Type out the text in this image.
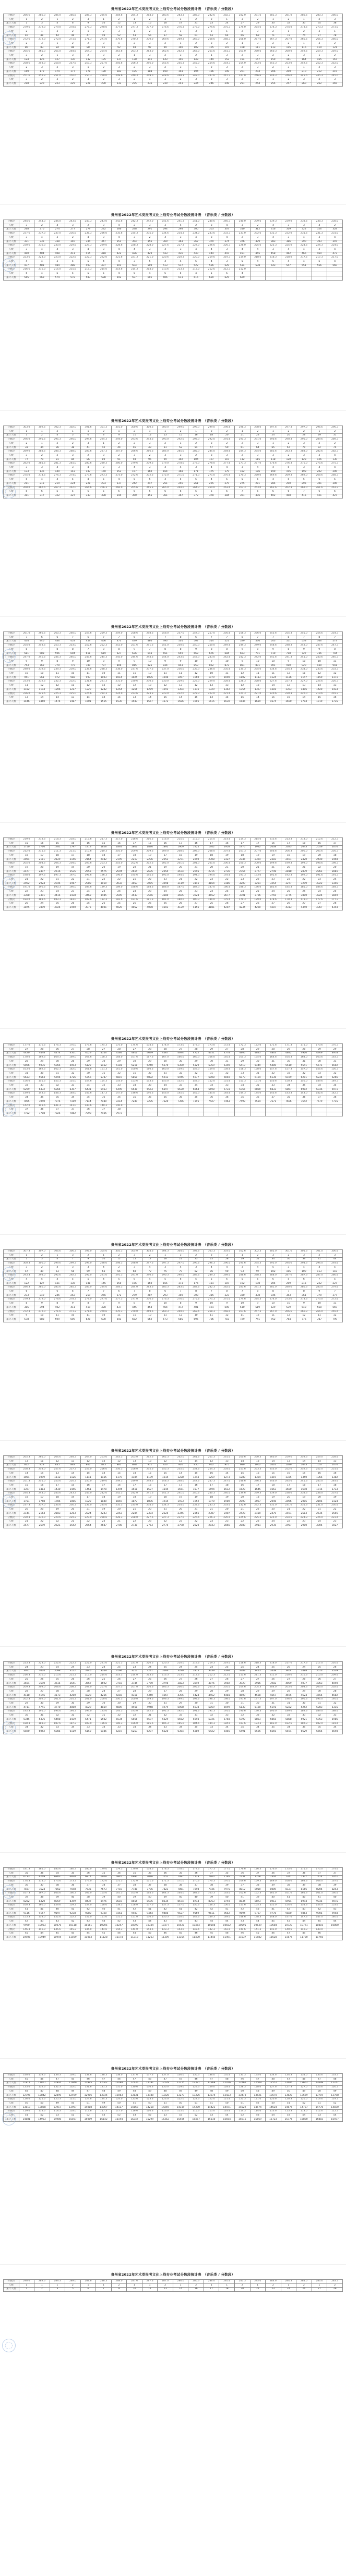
贵州省2022年艺术类报考文化上线专业考试分数段统计表　（音乐类 / 分数段）
分数段	286.6	286.3	286.0	285.6	285.3	285.0	284.6	284.3	284.0	283.6	283.3	283.0	282.6	282.3	282.0	281.6	281.3	281.0	280.6	280.3	280.0
人数	1	2	1	2	3	1	2	1	2	3	1	2	2	1	3	2	1	2	1	2	3
累计人数	1	3	4	6	9	10	12	13	15	18	19	21	23	24	27	29	30	32	33	35	38
分数段	279.6	279.3	279.0	278.6	278.3	278.0	277.6	277.3	277.0	276.6	276.3	276.0	275.6	275.3	275.0	274.6	274.3	274.0	273.6	273.3	273.0
人数	2	1	3	2	1	2	3	1	2	2	1	3	2	1	2	3	2	1	2	3	1
累计人数	40	41	44	46	47	49	52	53	55	57	58	61	63	64	66	69	71	72	74	77	78
分数段	272.6	272.3	272.0	271.6	271.3	271.0	270.6	270.3	270.0	269.6	269.3	269.0	268.6	268.3	268.0	267.6	267.3	267.0	266.6	266.3	266.0
人数	2	3	1	2	2	3	1	2	3	2	1	2	3	2	1	3	2	2	1	3	2
累计人数	80	83	84	86	88	91	92	94	97	99	100	102	105	107	108	111	113	115	116	119	121
分数段	265.6	265.3	265.0	264.6	264.3	264.0	263.6	263.3	263.0	262.6	262.3	262.0	261.6	261.3	261.0	260.6	260.3	260.0	259.6	259.3	259.0
人数	3	2	1	3	2	3	2	1	3	2	3	2	1	3	2	3	2	2	3	1	2
累计人数	124	126	127	130	132	135	137	138	141	143	146	148	149	152	154	157	159	161	164	165	167
分数段	258.6	258.3	258.0	257.6	257.3	257.0	256.6	256.3	256.0	255.6	255.3	255.0	254.6	254.3	254.0	253.6	253.3	253.0	252.6	252.3	252.0
人数	2	3	2	3	1	2	3	2	3	2	3	1	2	3	2	3	2	3	1	2	3
累计人数	169	172	174	177	178	180	183	185	188	190	193	194	196	199	201	204	206	209	210	212	215
分数段	251.6	251.3	251.0	250.6	250.3	250.0	249.6	249.3	249.0	248.6	248.3	248.0	247.6	247.3	247.0	246.6	246.3	246.0	245.6	245.3	245.0
人数	3	2	3	2	3	2	3	2	1	3	2	3	2	3	2	3	1	2	3	2	3
累计人数	218	220	223	225	228	230	233	235	236	239	241	244	246	249	251	254	255	257	260	262	265
贵州省2022年艺术类报考文化上线专业考试分数段统计表　（音乐类 / 分数段）
分数段	244.6	244.3	244.0	243.6	243.3	243.0	242.6	242.3	242.0	241.6	241.3	241.0	240.6	240.3	240.0	239.6	239.3	239.0	238.6	238.3	238.0
人数	3	2	4	3	2	3	4	2	3	3	4	2	3	4	3	2	4	3	3	4	2
累计人数	268	270	274	277	279	282	286	288	291	294	298	300	303	307	310	312	316	319	322	326	328
分数段	237.6	237.3	237.0	236.6	236.3	236.0	235.6	235.3	235.0	234.6	234.3	234.0	233.6	233.3	233.0	232.6	232.3	232.0	231.6	231.3	231.0
人数	3	4	3	2	4	3	4	3	2	4	3	4	3	4	2	3	4	3	4	3	4
累计人数	331	335	338	340	344	347	351	354	356	360	363	367	370	374	376	379	383	386	390	393	397
分数段	230.6	230.3	230.0	229.6	229.3	229.0	228.6	228.3	228.0	227.6	227.3	227.0	226.6	226.3	226.0	225.6	225.3	225.0	224.6	224.3	224.0
人数	3	4	4	3	4	3	4	4	3	4	3	4	4	3	4	4	3	4	4	3	4
累计人数	400	404	408	411	415	418	422	426	429	433	436	440	444	447	451	455	458	462	466	469	473
分数段	223.6	223.3	223.0	222.6	222.3	222.0	221.6	221.3	221.0	220.6	220.3	220.0	219.6	219.3	219.0	218.6	218.3	218.0	217.6	217.3	217.0
人数	4	4	3	4	5	4	4	3	5	4	4	5	4	3	5	4	5	4	4	5	4
累计人数	477	481	484	488	493	497	501	504	509	513	517	522	526	529	534	538	543	547	551	556	560
分数段	216.6	216.3	216.0	215.6	215.3	215.0	214.6	214.3	214.0	213.6	213.3	213.0	212.6	212.3	212.0						
人数	5	4	5	4	5	5	4	5	4	5	5	4	5	5	4						
累计人数	565	569	574	578	583	588	592	597	601	606	611	615	620	625	629						
贵州省2022年艺术类报考文化上线专业考试分数段统计表　（音乐类 / 分数段）
分数段	303.0	302.6	302.3	302.0	301.6	301.3	301.0	300.6	300.3	300.0	299.6	299.3	299.0	298.6	298.3	298.0	297.6	297.3	297.0	296.6	296.3
人数	1	1	2	1	1	2	1	2	1	1	2	1	2	2	1	2	1	2	2	1	2
累计人数	1	2	4	5	6	8	9	11	12	13	15	16	18	20	21	23	24	26	28	29	31
分数段	296.0	295.6	295.3	295.0	294.6	294.3	294.0	293.6	293.3	293.0	292.6	292.3	292.0	291.6	291.3	291.0	290.6	290.3	290.0	289.6	289.3
人数	2	1	2	2	3	1	2	2	3	2	1	2	3	2	2	3	1	2	3	2	2
累计人数	33	34	36	38	41	42	44	46	49	51	52	54	57	59	61	64	65	67	70	72	74
分数段	289.0	288.6	288.3	288.0	287.6	287.3	287.0	286.6	286.3	286.0	285.6	285.3	285.0	284.6	284.3	284.0	283.6	283.3	283.0	282.6	282.3
人数	3	2	2	3	2	3	2	3	2	3	3	2	3	3	2	3	3	2	3	3	4
累计人数	77	79	81	84	86	89	91	94	96	99	102	104	107	110	112	115	118	120	123	126	130
分数段	282.0	281.6	281.3	281.0	280.6	280.3	280.0	279.6	279.3	279.0	278.6	278.3	278.0	277.6	277.3	277.0	276.6	276.3	276.0	275.6	275.3
人数	3	3	4	3	4	3	3	4	3	4	4	3	4	4	3	4	4	5	3	4	4
累计人数	133	136	140	143	147	150	153	157	160	164	168	171	175	179	182	186	190	195	198	202	206
分数段	275.0	274.6	274.3	274.0	273.6	273.3	273.0	272.6	272.3	272.0	271.6	271.3	271.0	270.6	270.3	270.0	269.6	269.3	269.0	268.6	268.3
人数	5	4	4	5	4	5	4	5	5	4	5	5	4	5	5	6	4	5	5	6	5
累计人数	211	215	219	224	228	233	237	242	247	251	256	261	265	270	275	281	285	290	295	301	306
分数段	268.0	267.6	267.3	267.0	266.6	266.3	266.0	265.6	265.3	265.0	264.6	264.3	264.0	263.6	263.3	263.0	262.6	262.3	262.0	261.6	261.3
人数	5	6	5	5	6	5	6	6	5	6	6	5	6	6	7	5	6	6	7	6	6
累计人数	311	317	322	327	333	338	344	350	355	361	367	372	378	384	391	396	402	408	415	421	427
贵州省2022年艺术类报考文化上线专业考试分数段统计表　（音乐类 / 分数段）
分数段	261.0	260.6	260.3	260.0	259.6	259.3	259.0	258.6	258.3	258.0	257.6	257.3	257.0	256.6	256.3	256.0	255.6	255.3	255.0	254.6	254.3
人数	7	6	6	7	6	7	7	6	7	7	8	6	7	7	8	7	7	8	7	8	7
累计人数	434	440	446	453	459	466	473	479	486	493	501	507	514	521	529	536	543	551	558	566	573
分数段	254.0	253.6	253.3	253.0	252.6	252.3	252.0	251.6	251.3	251.0	250.6	250.3	250.0	249.6	249.3	249.0	248.6	248.3	248.0	247.6	247.3
人数	8	7	8	8	7	8	8	9	7	8	8	9	8	8	9	8	9	8	9	9	8
累计人数	581	588	596	604	611	619	627	636	643	651	659	668	676	684	693	701	710	718	727	736	744
分数段	247.0	246.6	246.3	246.0	245.6	245.3	245.0	244.6	244.3	244.0	243.6	243.3	243.0	242.6	242.3	242.0	241.6	241.3	241.0	240.6	240.3
人数	9	9	8	9	10	8	9	9	10	9	9	10	9	10	9	10	10	9	10	10	11
累计人数	753	762	770	779	789	797	806	815	825	834	843	853	862	872	881	891	901	910	920	930	941
分数段	240.0	239.6	239.3	239.0	238.6	238.3	238.0	237.6	237.3	237.0	236.6	236.3	236.0	235.6	235.3	235.0	234.6	234.3	234.0	233.6	233.3
人数	10	10	11	10	11	10	11	11	10	11	11	12	10	11	12	11	11	12	11	12	12
累计人数	951	961	972	982	993	1003	1014	1025	1035	1046	1057	1069	1079	1090	1102	1113	1124	1136	1147	1159	1171
分数段	233.0	232.6	232.3	232.0	231.6	231.3	231.0	230.6	230.3	230.0	229.6	229.3	229.0	228.6	228.3	228.0	227.6	227.3	227.0	226.6	226.3
人数	11	12	12	11	12	13	12	12	13	12	13	12	13	13	12	13	14	12	13	14	13
累计人数	1182	1194	1206	1217	1229	1242	1254	1266	1279	1291	1304	1316	1329	1342	1354	1367	1381	1393	1406	1420	1433
分数段	226.0	225.6	225.3	225.0	224.6	224.3	224.0	223.6	223.3	223.0	222.6	222.3	222.0	221.6	221.3	221.0	220.6	220.3	220.0	219.6	219.3
人数	13	14	14	13	14	14	15	13	14	15	14	15	14	15	15	14	15	16	14	15	16
累计人数	1446	1460	1474	1487	1501	1515	1530	1543	1557	1572	1586	1601	1615	1630	1645	1659	1674	1690	1704	1719	1735
贵州省2022年艺术类报考文化上线专业考试分数段统计表　（音乐类 / 分数段）
分数段	219.0	218.6	218.3	218.0	217.6	217.3	217.0	216.6	216.3	216.0	215.6	215.3	215.0	214.6	214.3	214.0	213.6	213.3	213.0	212.6	212.3
人数	15	16	15	16	16	15	16	17	15	16	17	16	17	16	17	17	16	17	18	16	17
累计人数	1750	1766	1781	1797	1813	1828	1844	1861	1876	1892	1909	1925	1942	1958	1975	1992	2008	2025	2043	2059	2076
分数段	212.0	211.6	211.3	211.0	210.6	210.3	210.0	209.6	209.3	209.0	208.6	208.3	208.0	207.6	207.3	207.0	206.6	206.3	206.0	205.6	205.3
人数	18	17	18	17	18	18	17	18	19	17	18	19	18	19	18	19	19	18	19	20	18
累计人数	2094	2111	2129	2146	2164	2182	2199	2217	2236	2253	2271	2290	2308	2327	2345	2364	2383	2401	2420	2440	2458
分数段	205.0	204.6	204.3	204.0	203.6	203.3	203.0	202.6	202.3	202.0	201.6	201.3	201.0	200.6	200.3	200.0	199.6	199.3	199.0	198.6	198.3
人数	19	20	19	19	20	20	19	20	21	19	20	21	20	21	20	21	21	20	21	22	20
累计人数	2477	2497	2516	2535	2555	2575	2594	2614	2635	2654	2674	2695	2715	2736	2756	2777	2798	2818	2839	2861	2881
分数段	198.0	197.6	197.3	197.0	196.6	196.3	196.0	195.6	195.3	195.0	194.6	194.3	194.0	193.6	193.3	193.0	192.6	192.3	192.0	191.6	191.3
人数	21	22	21	22	21	22	22	21	22	23	21	22	23	22	23	22	23	23	22	23	24
累计人数	2902	2924	2945	2967	2988	3010	3032	3053	3075	3098	3119	3141	3164	3186	3209	3231	3254	3277	3299	3322	3346
分数段	191.0	190.6	190.3	190.0	189.6	189.3	189.0	188.6	188.3	188.0	187.6	187.3	187.0	186.6	186.3	186.0	185.6	185.3	185.0	184.6	184.3
人数	22	23	24	23	24	23	24	24	23	24	25	23	24	25	24	25	24	25	25	24	25
累计人数	3368	3391	3415	3438	3462	3485	3509	3533	3556	3580	3605	3628	3652	3677	3701	3726	3750	3775	3800	3824	3849
分数段	184.0	183.6	183.3	183.0	182.6	182.3	182.0	181.6	181.3	181.0	180.6	180.3	180.0	179.6	179.3	179.0	178.6	178.3	178.0	177.6	177.3
人数	26	24	25	26	25	26	25	26	26	25	26	27	25	26	27	26	27	26	27	27	26
累计人数	3875	3899	3924	3950	3975	4001	4026	4052	4078	4103	4129	4156	4181	4207	4234	4260	4287	4313	4340	4367	4393
贵州省2022年艺术类报考文化上线专业考试分数段统计表　（音乐类 / 分数段）
分数段	177.0	176.6	176.3	176.0	175.6	175.3	175.0	174.6	174.3	174.0	173.6	173.3	173.0	172.6	172.3	172.0	171.6	171.3	171.0	170.6	170.3
人数	27	28	26	27	28	27	28	27	28	28	27	28	29	27	28	29	28	29	28	29	29
累计人数	4420	4448	4474	4501	4529	4556	4584	4611	4639	4667	4694	4722	4751	4778	4806	4835	4863	4892	4920	4949	4978
分数段	170.0	169.6	169.3	169.0	168.6	168.3	168.0	167.6	167.3	167.0	166.6	166.3	166.0	165.6	165.3	165.0	164.6	164.3	164.0	163.6	163.3
人数	28	29	30	28	29	30	29	30	29	30	30	29	30	31	29	30	31	30	31	30	31
累计人数	5006	5035	5065	5093	5122	5152	5181	5211	5240	5270	5300	5329	5359	5390	5419	5449	5480	5510	5541	5571	5602
分数段	163.0	162.6	162.3	162.0	161.6	161.3	161.0	160.6	160.3	160.0	159.6	159.3	159.0	158.6	158.3	158.0	157.6	157.3	157.0	156.6	156.3
人数	31	30	31	32	30	31	32	31	32	31	32	32	31	32	33	31	32	33	32	33	32
累计人数	5633	5663	5694	5726	5756	5787	5819	5850	5882	5913	5945	5977	6008	6040	6073	6104	6136	6169	6201	6234	6266
分数段	156.0	155.6	155.3	155.0	154.6	154.3	154.0	153.6	153.3	153.0	152.6	152.3	152.0	151.6	151.3	151.0	150.6	150.3	150.0	149.6	149.3
人数	33	33	32	33	34	32	33	34	33	34	33	34	34	33	34	35	33	34	35	34	35
累计人数	6299	6332	6364	6397	6431	6463	6496	6530	6563	6597	6630	6664	6698	6731	6765	6800	6833	6867	6902	6936	6971
分数段	149.0	148.6	148.3	148.0	147.6	147.3	147.0	146.6	146.3	146.0	145.6	145.3	145.0	144.6	144.3	144.0	143.6	143.3	143.0	142.6	142.3
人数	34	35	35	34	35	36	34	35	36	35	36	35	36	36	35	36	37	35	36	37	36
累计人数	7005	7040	7075	7109	7144	7180	7214	7249	7285	7320	7356	7391	7427	7463	7498	7534	7571	7606	7642	7679	7715
分数段	142.0	141.6	141.3	141.0	140.6	140.3	140.0														
人数	37	36	37	37	36	37	38														
累计人数	7752	7788	7825	7862	7898	7935	7973														
贵州省2022年艺术类报考文化上线专业考试分数段统计表　（音乐类 / 分数段）
分数段	307.3	307.0	306.6	306.3	306.0	305.6	305.3	305.0	304.6	304.3	304.0	303.6	303.3	303.0	302.6	302.3	302.0	301.6	301.3	301.0	300.6
人数	1	2	1	3	2	1	2	3	2	1	3	2	2	3	1	2	3	2	3	2	3
累计人数	1	3	4	7	9	10	12	15	17	18	21	23	25	28	29	31	34	36	39	41	44
分数段	300.3	300.0	299.6	299.3	299.0	298.6	298.3	298.0	297.6	297.3	297.0	296.6	296.3	296.0	295.6	295.3	295.0	294.6	294.3	294.0	293.6
人数	3	2	4	3	3	4	2	3	4	3	4	3	4	4	3	4	5	3	4	4	5
累计人数	47	49	53	56	59	63	65	68	72	75	79	82	86	90	93	97	102	105	109	113	118
分数段	293.3	293.0	292.6	292.3	292.0	291.6	291.3	291.0	290.6	290.3	290.0	289.6	289.3	289.0	288.6	288.3	288.0	287.6	287.3	287.0	286.6
人数	4	5	4	5	5	4	5	6	4	5	6	5	5	6	5	6	6	5	6	7	5
累计人数	122	127	131	136	141	145	150	156	160	165	171	176	181	187	192	198	204	209	215	222	227
分数段	286.3	286.0	285.6	285.3	285.0	284.6	284.3	284.0	283.6	283.3	283.0	282.6	282.3	282.0	281.6	281.3	281.0	280.6	280.3	280.0	279.6
人数	6	7	6	6	7	7	6	7	8	6	7	8	7	8	7	8	8	7	8	9	7
累计人数	233	240	246	252	259	266	272	279	287	293	300	308	315	323	330	338	346	353	361	370	377
分数段	279.3	279.0	278.6	278.3	278.0	277.6	277.3	277.0	276.6	276.3	276.0	275.6	275.3	275.0	274.6	274.3	274.0	273.6	273.3	273.0	272.6
人数	8	9	8	9	8	9	9	8	9	10	8	9	10	9	10	9	10	10	9	10	11
累计人数	385	394	402	411	419	428	437	445	454	464	472	481	491	500	510	519	529	539	548	558	569
分数段	272.3	272.0	271.6	271.3	271.0	270.6	270.3	270.0	269.6	269.3	269.0	268.6	268.3	268.0	267.6	267.3	267.0	266.6	266.3	266.0	265.6
人数	9	10	11	10	11	10	11	11	10	11	12	10	11	12	11	12	11	12	12	11	12
累计人数	578	588	599	609	620	630	641	652	662	673	685	695	706	718	729	741	752	764	776	787	799
贵州省2022年艺术类报考文化上线专业考试分数段统计表　（音乐类 / 分数段）
分数段	265.3	265.0	264.6	264.3	264.0	263.6	263.3	263.0	262.6	262.3	262.0	261.6	261.3	261.0	260.6	260.3	260.0	259.6	259.3	259.0	258.6
人数	13	11	12	13	12	13	12	13	13	12	13	14	12	13	14	13	14	13	14	14	13
累计人数	812	823	835	848	860	873	885	898	911	923	936	950	962	975	989	1002	1016	1029	1043	1057	1070
分数段	258.3	258.0	257.6	257.3	257.0	256.6	256.3	256.0	255.6	255.3	255.0	254.6	254.3	254.0	253.6	253.3	253.0	252.6	252.3	252.0	251.6
人数	14	15	13	14	15	14	15	14	15	15	14	15	16	14	15	16	15	16	15	16	16
累计人数	1084	1099	1112	1126	1141	1155	1170	1184	1199	1214	1228	1243	1259	1273	1288	1304	1319	1335	1350	1366	1382
分数段	251.3	251.0	250.6	250.3	250.0	249.6	249.3	249.0	248.6	248.3	248.0	247.6	247.3	247.0	246.6	246.3	246.0	245.6	245.3	245.0	244.6
人数	15	16	17	15	16	17	16	17	16	17	17	16	17	18	16	17	18	17	18	17	18
累计人数	1397	1413	1430	1445	1461	1478	1494	1511	1527	1544	1561	1577	1594	1612	1628	1645	1663	1680	1698	1715	1733
分数段	244.3	244.0	243.6	243.3	243.0	242.6	242.3	242.0	241.6	241.3	241.0	240.6	240.3	240.0	239.6	239.3	239.0	238.6	238.3	238.0	237.6
人数	18	17	18	19	17	18	19	18	19	18	19	19	18	19	20	18	19	20	19	20	19
累计人数	1751	1768	1786	1805	1822	1840	1859	1877	1896	1914	1933	1952	1970	1989	2009	2027	2046	2066	2085	2105	2124
分数段	237.3	237.0	236.6	236.3	236.0	235.6	235.3	235.0	234.6	234.3	234.0	233.6	233.3	233.0	232.6	232.3	232.0	231.6	231.3	231.0	230.6
人数	20	20	19	20	21	19	20	21	20	21	20	21	21	20	21	22	20	21	22	21	22
累计人数	2144	2164	2183	2203	2224	2243	2263	2284	2304	2325	2345	2366	2387	2407	2428	2450	2470	2491	2513	2534	2556
分数段	230.3	230.0	229.6	229.3	229.0	228.6	228.3	228.0	227.6	227.3	227.0	226.6	226.3	226.0	225.6	225.3	225.0	224.6	224.3	224.0	223.6
人数	21	22	22	21	22	23	21	22	23	22	23	22	23	23	22	23	24	22	23	24	23
累计人数	2577	2599	2621	2642	2664	2687	2708	2730	2753	2775	2798	2820	2843	2866	2888	2911	2935	2957	2980	3004	3027
贵州省2022年艺术类报考文化上线专业考试分数段统计表　（音乐类 / 分数段）
分数段	223.3	223.0	222.6	222.3	222.0	221.6	221.3	221.0	220.6	220.3	220.0	219.6	219.3	219.0	218.6	218.3	218.0	217.6	217.3	217.0	216.6
人数	24	23	24	24	23	24	25	23	24	25	24	25	24	25	25	24	25	26	24	25	26
累计人数	3051	3074	3098	3122	3145	3169	3194	3217	3241	3266	3290	3315	3339	3364	3389	3413	3438	3464	3488	3513	3539
分数段	216.3	216.0	215.6	215.3	215.0	214.6	214.3	214.0	213.6	213.3	213.0	212.6	212.3	212.0	211.6	211.3	211.0	210.6	210.3	210.0	209.6
人数	25	26	25	26	26	25	26	27	25	26	27	26	27	26	27	27	26	27	28	26	27
累计人数	3564	3590	3615	3641	3667	3692	3718	3745	3770	3796	3823	3849	3876	3902	3929	3956	3982	4009	4037	4063	4090
分数段	209.3	209.0	208.6	208.3	208.0	207.6	207.3	207.0	206.6	206.3	206.0	205.6	205.3	205.0	204.6	204.3	204.0	203.6	203.3	203.0	202.6
人数	28	27	28	27	28	28	27	28	29	27	28	29	28	29	28	29	29	28	29	30	28
累计人数	4118	4145	4173	4200	4228	4256	4283	4311	4340	4367	4395	4424	4452	4481	4509	4538	4567	4595	4624	4654	4682
分数段	202.3	202.0	201.6	201.3	201.0	200.6	200.3	200.0	199.6	199.3	199.0	198.6	198.3	198.0	197.6	197.3	197.0	196.6	196.3	196.0	195.6
人数	29	30	29	30	29	30	30	29	30	31	29	30	31	30	31	30	31	31	30	31	32
累计人数	4711	4741	4770	4800	4829	4859	4889	4918	4948	4979	5008	5038	5069	5099	5130	5160	5191	5222	5252	5283	5315
分数段	195.3	195.0	194.6	194.3	194.0	193.6	193.3	193.0	192.6	192.3	192.0	191.6	191.3	191.0	190.6	190.3	190.0	189.6	189.3	189.0	188.6
人数	30	31	32	31	32	31	32	32	31	32	33	31	32	33	32	33	32	33	33	32	33
累计人数	5345	5376	5408	5439	5471	5502	5534	5566	5597	5629	5662	5693	5725	5758	5790	5823	5855	5888	5921	5953	5986
分数段	188.3	188.0	187.6	187.3	187.0	186.6	186.3	186.0	185.6	185.3	185.0	184.6	184.3	184.0	183.6	183.3	183.0	182.6	182.3	182.0	181.6
人数	34	32	33	34	33	34	33	34	34	33	34	35	33	34	35	34	35	34	35	35	34
累计人数	6020	6052	6085	6119	6152	6186	6219	6253	6287	6320	6354	6389	6422	6456	6491	6525	6560	6594	6629	6664	6698
贵州省2022年艺术类报考文化上线专业考试分数段统计表　（音乐类 / 分数段）
分数段	181.3	181.0	180.6	180.3	180.0	179.6	179.3	179.0	178.6	178.3	178.0	177.6	177.3	177.0	176.6	176.3	176.0	175.6	175.3	175.0	174.6
人数	35	36	34	35	36	35	36	35	36	36	35	36	37	35	36	37	36	37	36	37	37
累计人数	6733	6769	6803	6838	6874	6909	6945	6980	7016	7052	7087	7123	7160	7195	7231	7268	7304	7341	7377	7414	7451
分数段	174.3	174.0	173.6	173.3	173.0	172.6	172.3	172.0	171.6	171.3	171.0	170.6	170.3	170.0	169.6	169.3	169.0	168.6	168.3	168.0	167.6
人数	36	37	38	36	37	38	37	38	37	38	38	37	38	39	37	38	39	38	39	38	39
累计人数	7487	7524	7562	7598	7635	7673	7710	7748	7785	7823	7861	7898	7936	7975	8012	8050	8089	8127	8166	8204	8243
分数段	167.3	167.0	166.6	166.3	166.0	165.6	165.3	165.0	164.6	164.3	164.0	163.6	163.3	163.0	162.6	162.3	162.0	161.6	161.3	161.0	160.6
人数	39	38	39	40	38	39	40	39	40	39	40	40	39	40	41	39	40	41	40	41	40
累计人数	8282	8320	8359	8399	8437	8476	8516	8555	8595	8634	8674	8714	8753	8793	8834	8873	8913	8954	8994	9035	9075
分数段	160.3	160.0	159.6	159.3	159.0	158.6	158.3	158.0	157.6	157.3	157.0	156.6	156.3	156.0	155.6	155.3	155.0	154.6	154.3	154.0	153.6
人数	41	41	40	41	42	40	41	42	41	42	41	42	42	41	42	43	41	42	43	42	43
累计人数	9116	9157	9197	9238	9280	9320	9361	9403	9444	9486	9527	9569	9611	9652	9694	9737	9778	9820	9863	9905	9948
分数段	153.3	153.0	152.6	152.3	152.0	151.6	151.3	151.0	150.6	150.3	150.0	149.6	149.3	149.0	148.6	148.3	148.0	147.6	147.3	147.0	146.6
人数	42	43	43	42	43	44	42	43	44	43	44	43	44	44	43	44	45	43	44	45	44
累计人数	9990	10033	10076	10118	10161	10205	10247	10290	10334	10377	10421	10464	10508	10552	10595	10639	10684	10727	10771	10816	10860
分数段	146.3	146.0	145.6	145.3	145.0	144.6	144.3	144.0	143.6	143.3	143.0	142.6	142.3	142.0	141.6	141.3	141.0	140.6	140.3	140.0	
人数	45	44	45	45	44	45	46	44	45	46	45	46	45	46	46	45	46	47	45	46	
累计人数	10905	10949	10994	11039	11083	11128	11174	11218	11263	11309	11354	11400	11445	11491	11537	11582	11628	11675	11720	11766	
贵州省2022年艺术类报考文化上线专业考试分数段统计表　（音乐类 / 分数段）
分数段	140.0	139.6	139.3	139.0	138.6	138.3	138.0	137.6	137.3	137.0	136.6	136.3	136.0	135.6	135.3	135.0	134.6	134.3	134.0	133.6	133.3
人数	45	46	47	45	46	47	46	47	46	47	47	46	47	48	46	47	48	47	48	47	48
累计人数	11811	11857	11904	11949	11995	12042	12088	12135	12181	12228	12275	12321	12368	12416	12462	12509	12557	12604	12652	12699	12747
分数段	133.0	132.6	132.3	132.0	131.6	131.3	131.0	130.6	130.3	130.0	129.6	129.3	129.0	128.6	128.3	128.0	127.6	127.3	127.0	126.6	126.3
人数	48	47	48	49	47	48	49	48	49	48	49	49	48	49	50	48	49	50	49	50	49
累计人数	12795	12842	12890	12939	12986	13034	13083	13131	13180	13228	13277	13326	13374	13423	13473	13521	13570	13620	13669	13719	13768
分数段	126.0	125.6	125.3	125.0	124.6	124.3	124.0	123.6	123.3	123.0	122.6	122.3	122.0	121.6	121.3	121.0	120.6	120.3	120.0	119.6	119.3
人数	50	50	49	50	51	49	50	51	50	51	50	51	51	50	51	52	50	51	52	51	52
累计人数	13818	13868	13917	13967	14018	14067	14117	14168	14218	14269	14319	14370	14421	14471	14522	14574	14624	14675	14727	14778	14830
分数段	119.0	118.6	118.3	118.0	117.6	117.3	117.0	116.6	116.3	116.0	115.6	115.3	115.0	114.6	114.3	114.0	113.6	113.3	113.0	112.6	112.3
人数	51	52	53	51	52	53	52	53	52	53	53	52	53	54	52	53	54	53	54	53	54
累计人数	14881	14933	14986	15037	15089	15142	15194	15247	15299	15352	15405	15457	15510	15564	15616	15669	15723	15776	15830	15883	15937
贵州省2022年艺术类报考文化上线专业考试分数段统计表　（音乐类 / 分数段）
分数段	290.0	289.6	289.3	289.0	288.6	288.3	288.0	287.6	287.3	287.0	286.6	286.3	286.0	285.6	285.3	285.0	284.6	284.3	284.0	283.6	283.3
人数	1	1	1	2	1	1	2	1	1	2	1	2	1	1	2	1	2	1	2	1	2
累计人数	1	2	3	5	6	7	9	10	11	13	14	16	17	18	20	21	23	24	26	27	29
